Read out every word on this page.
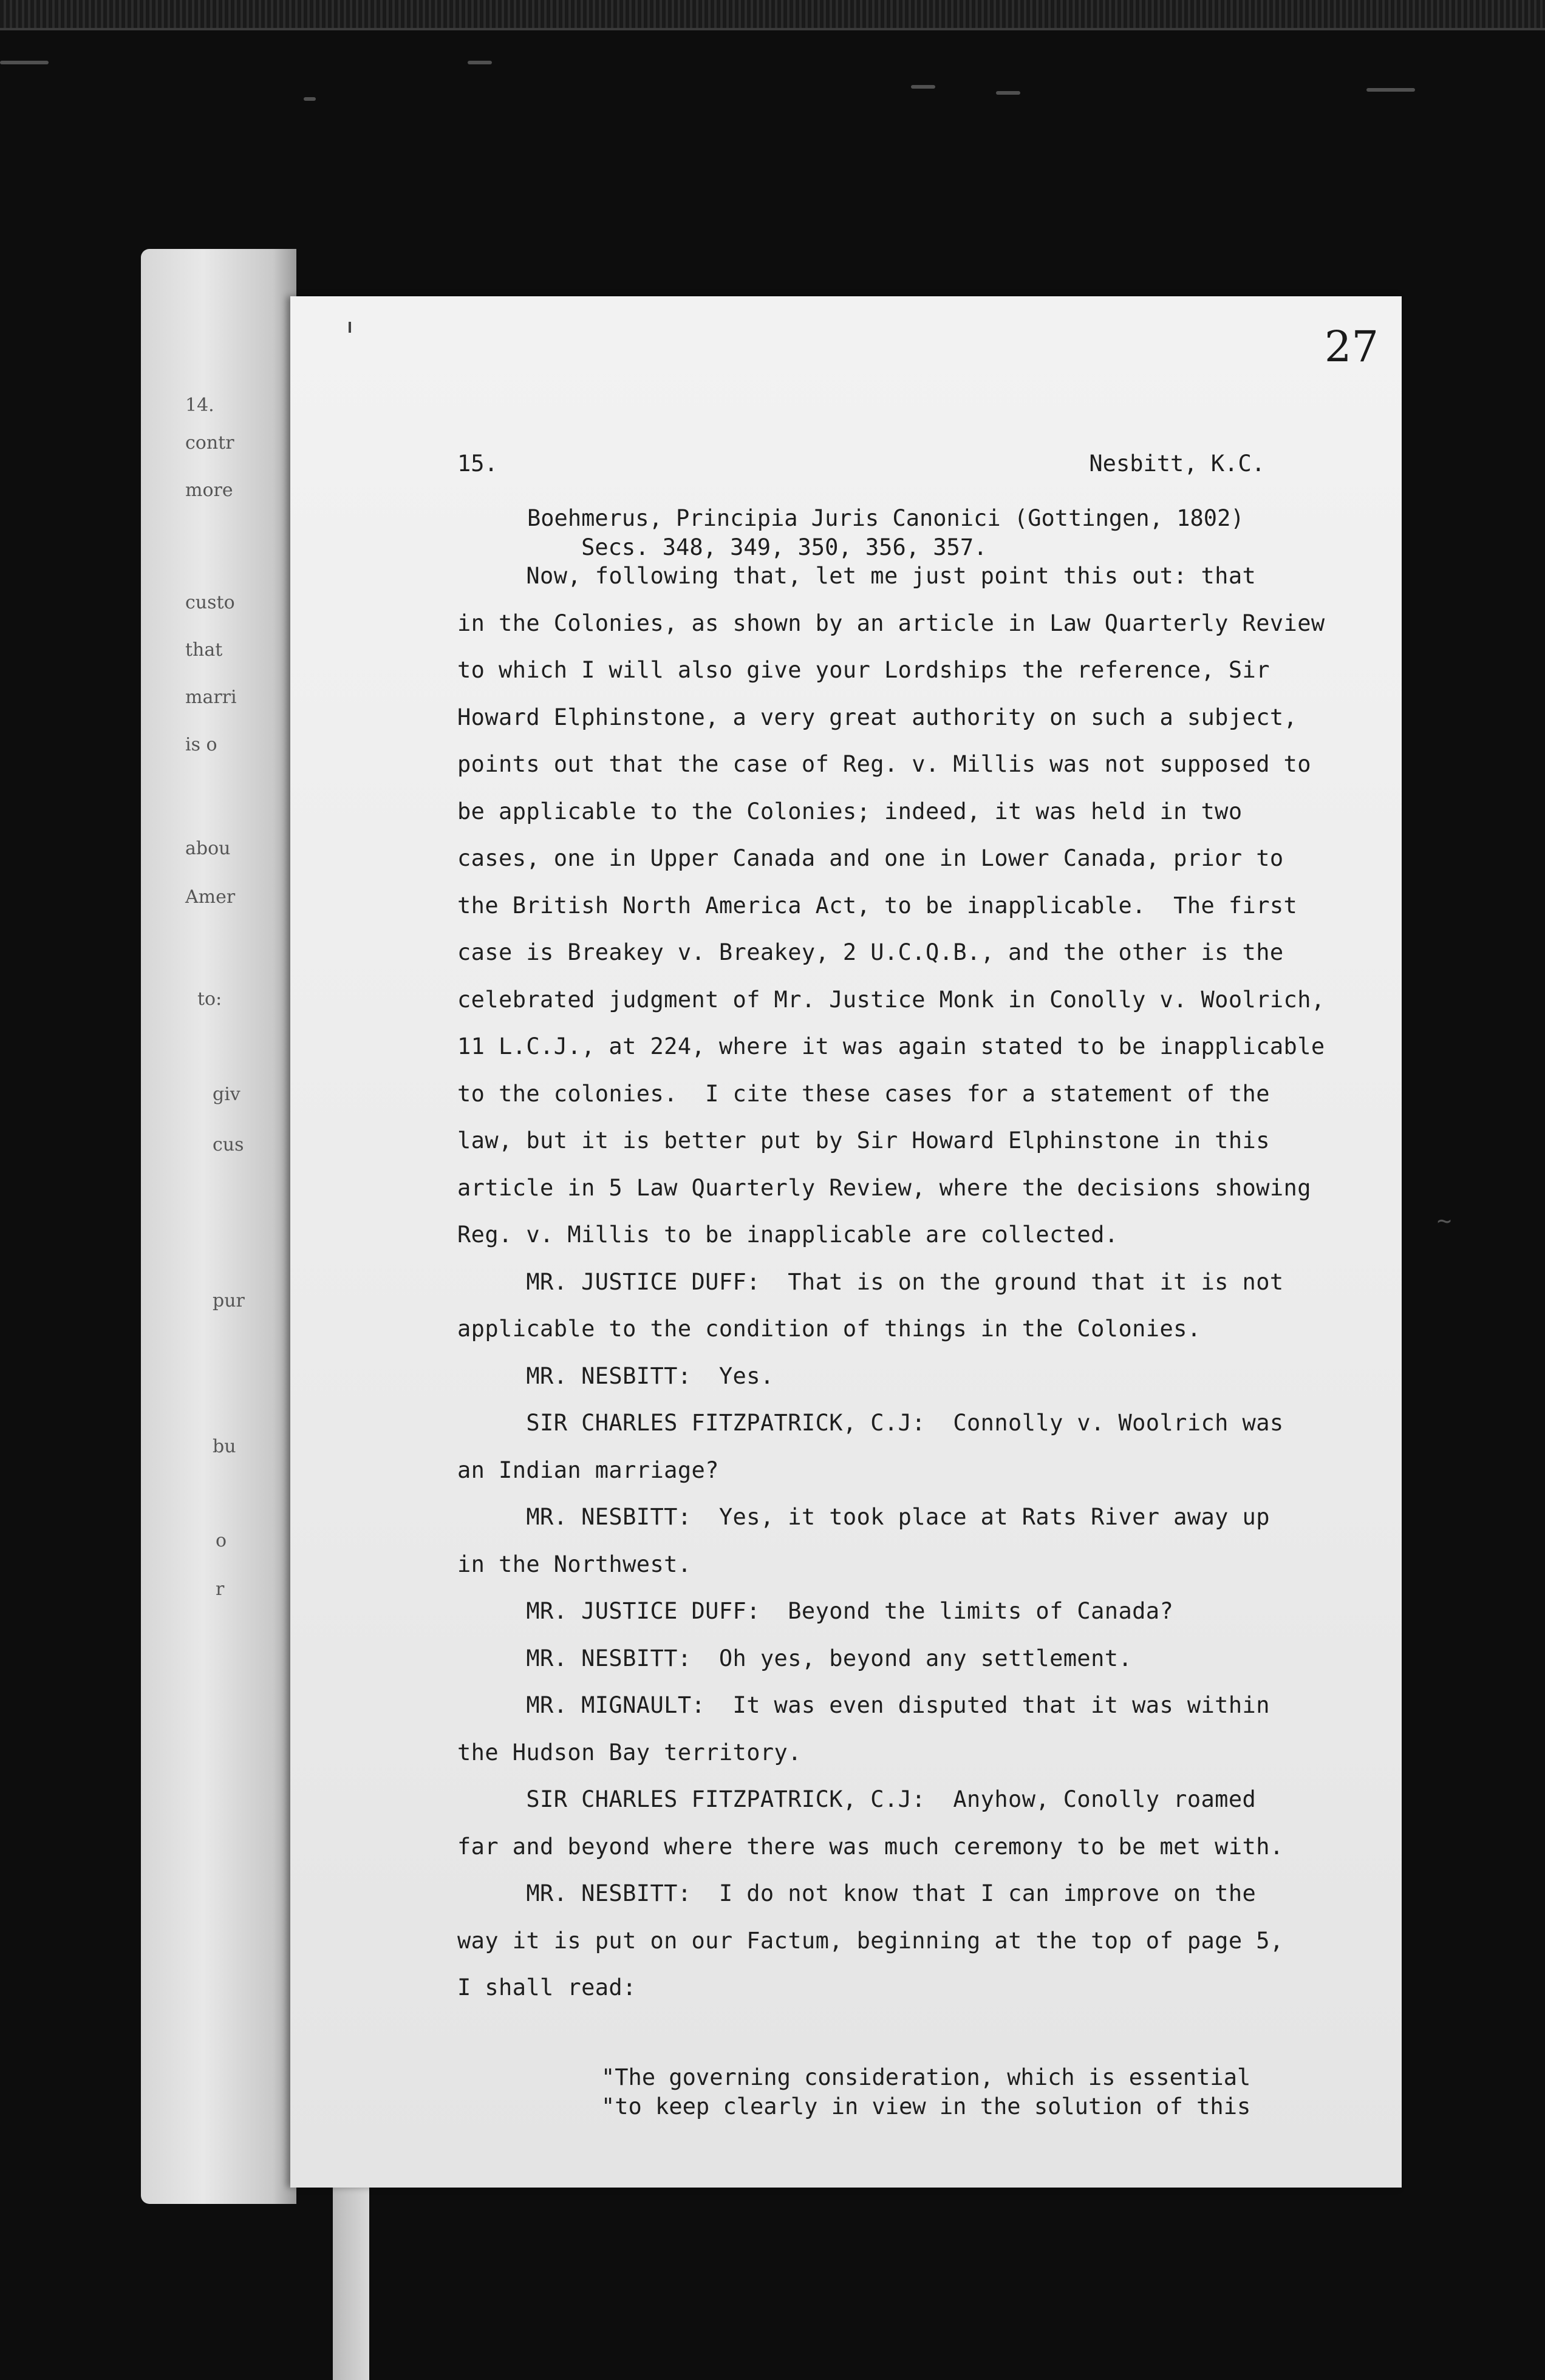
14.
contr
more
custo
that
marri
is o
abou
Amer
to:
giv
cus
pur
bu
o
r
27
15.	Nesbitt, K.C.
Boehmerus, Principia Juris Canonici (Gottingen, 1802)
Secs. 348, 349, 350, 356, 357.
Now, following that, let me just point this out: that
in the Colonies, as shown by an article in Law Quarterly Review
to which I will also give your Lordships the reference, Sir
Howard Elphinstone, a very great authority on such a subject,
points out that the case of Reg. v. Millis was not supposed to
be applicable to the Colonies; indeed, it was held in two
cases, one in Upper Canada and one in Lower Canada, prior to
the British North America Act, to be inapplicable.  The first
case is Breakey v. Breakey, 2 U.C.Q.B., and the other is the
celebrated judgment of Mr. Justice Monk in Conolly v. Woolrich,
11 L.C.J., at 224, where it was again stated to be inapplicable
to the colonies.  I cite these cases for a statement of the
law, but it is better put by Sir Howard Elphinstone in this
article in 5 Law Quarterly Review, where the decisions showing
Reg. v. Millis to be inapplicable are collected.
MR. JUSTICE DUFF:  That is on the ground that it is not
applicable to the condition of things in the Colonies.
MR. NESBITT:  Yes.
SIR CHARLES FITZPATRICK, C.J:  Connolly v. Woolrich was
an Indian marriage?
MR. NESBITT:  Yes, it took place at Rats River away up
in the Northwest.
MR. JUSTICE DUFF:  Beyond the limits of Canada?
MR. NESBITT:  Oh yes, beyond any settlement.
MR. MIGNAULT:  It was even disputed that it was within
the Hudson Bay territory.
SIR CHARLES FITZPATRICK, C.J:  Anyhow, Conolly roamed
far and beyond where there was much ceremony to be met with.
MR. NESBITT:  I do not know that I can improve on the
way it is put on our Factum, beginning at the top of page 5,
I shall read:
"The governing consideration, which is essential
"to keep clearly in view in the solution of this
~
